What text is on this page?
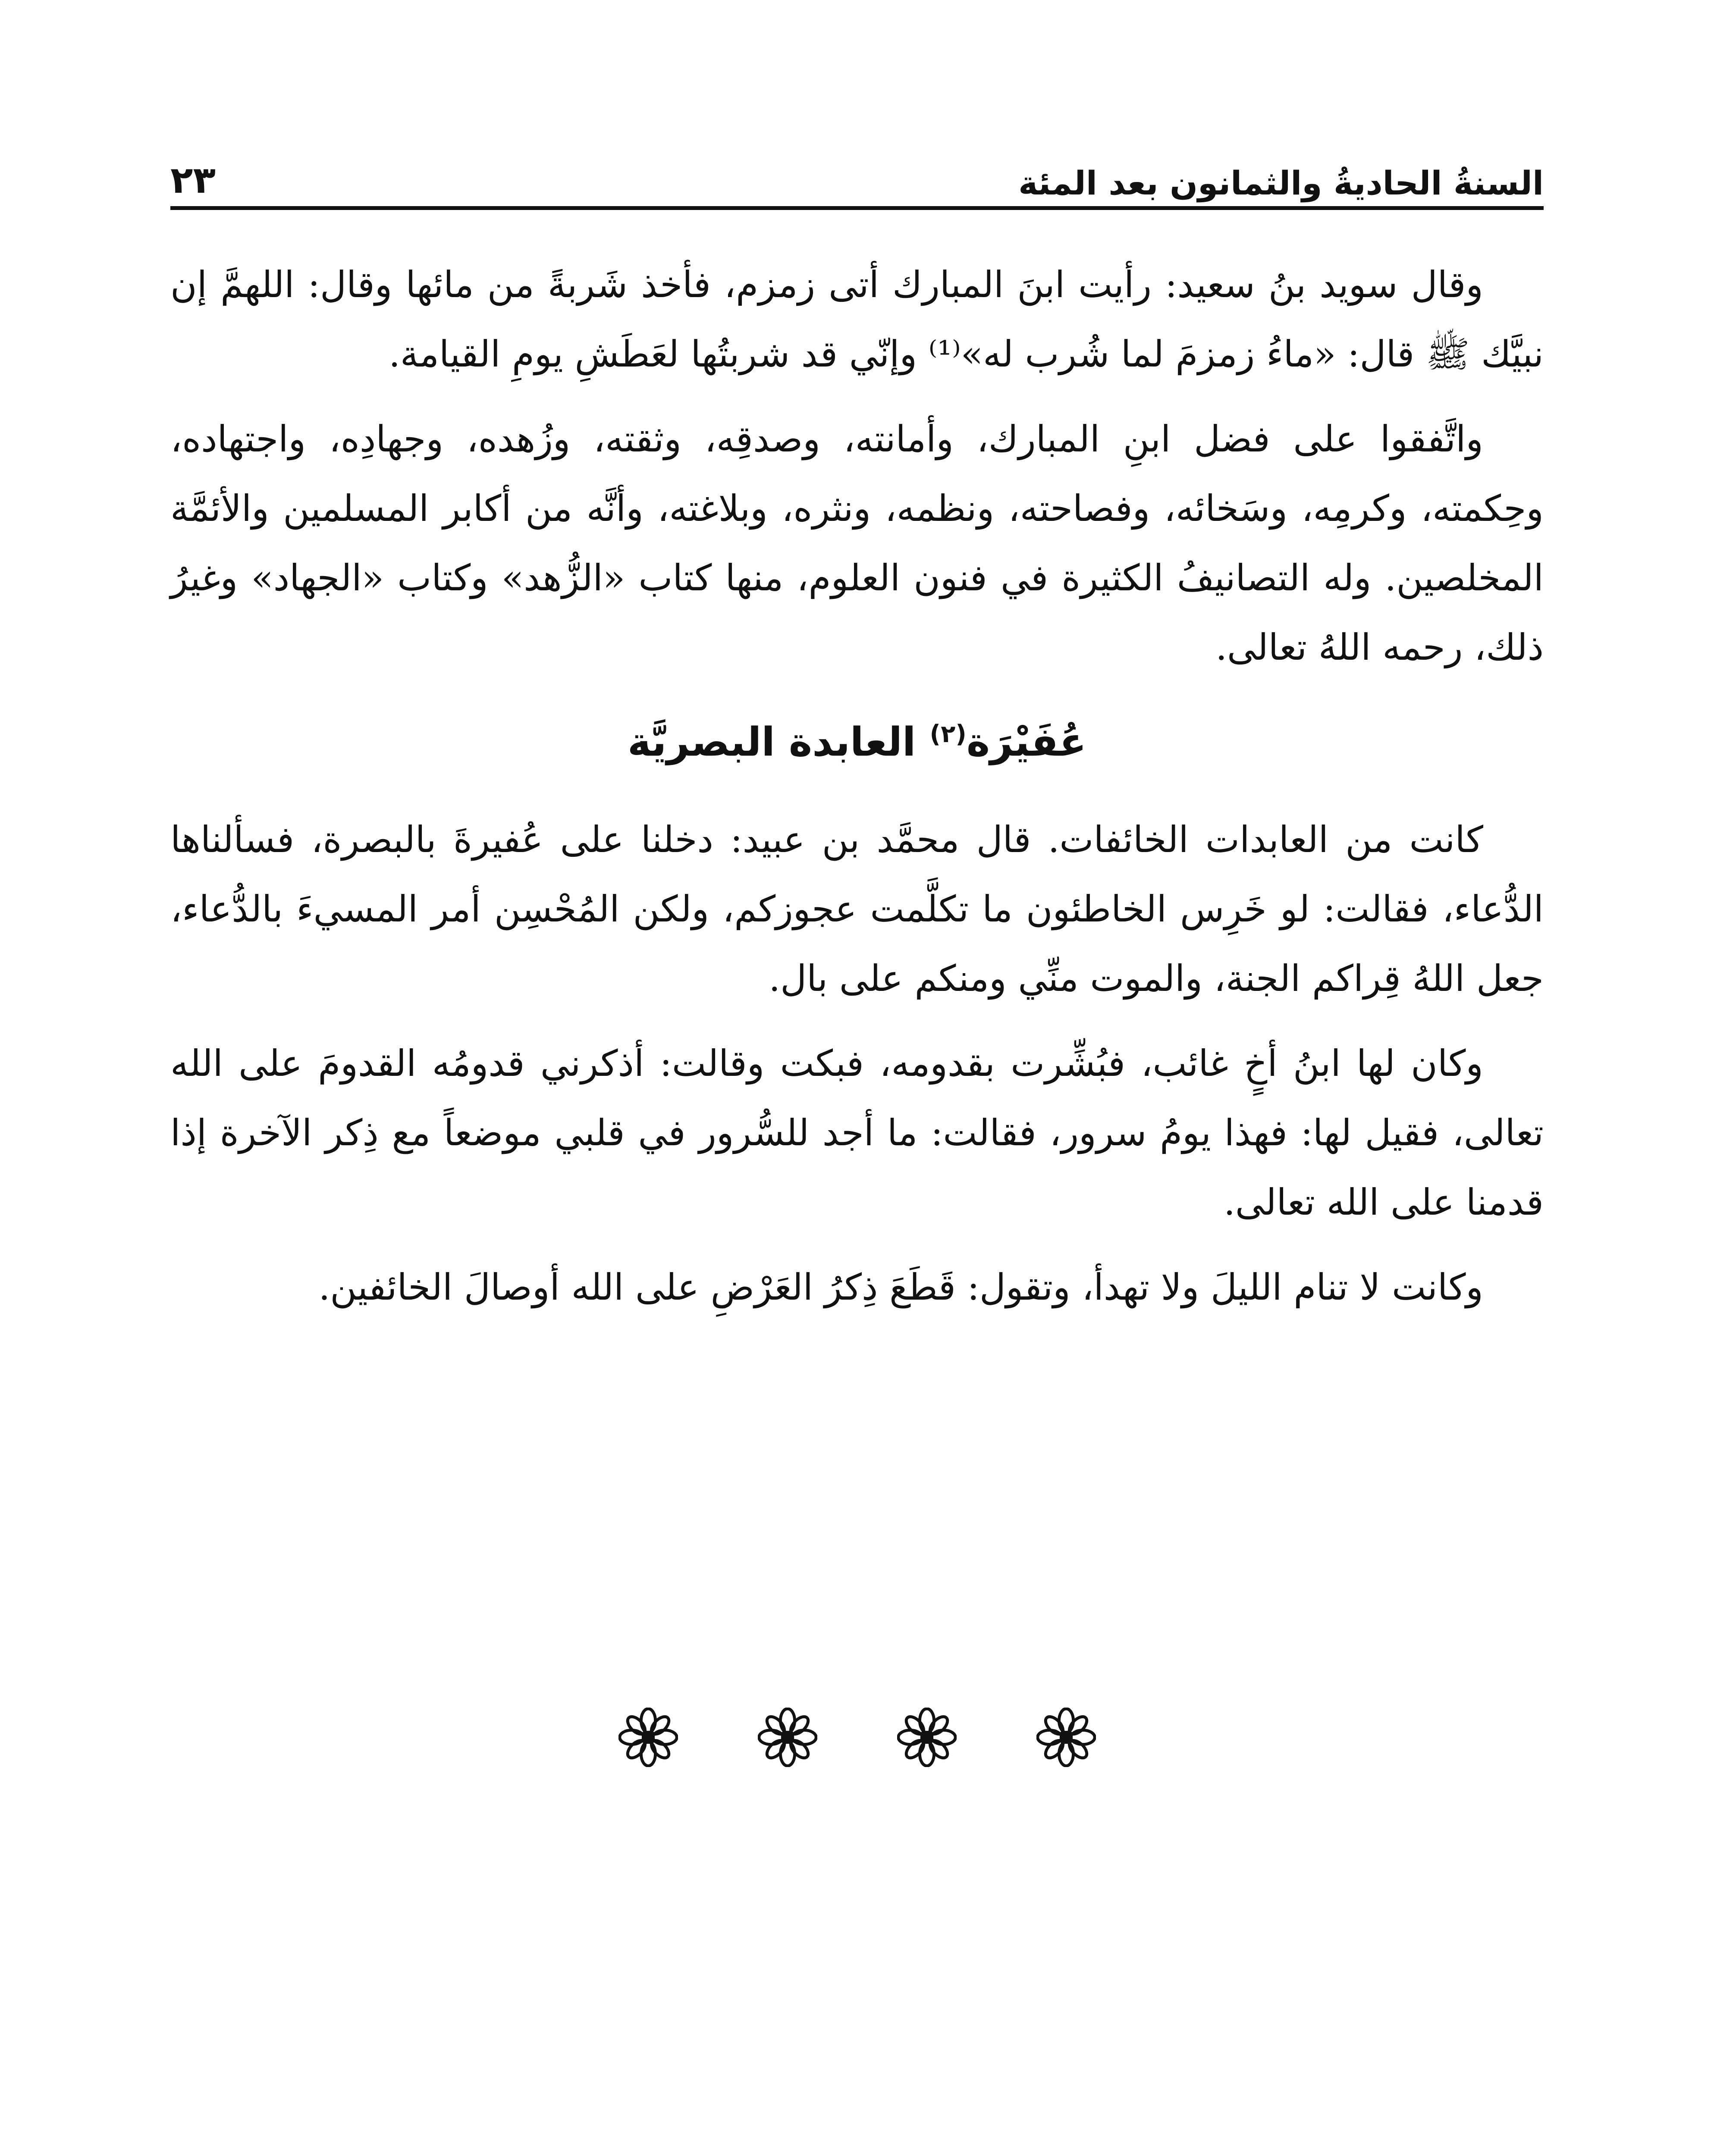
السنةُ الحاديةُ والثمانون بعد المئة
٢٣

وقال سويد بنُ سعيد: رأيت ابنَ المبارك أتى زمزم، فأخذ شَربةً من مائها وقال: اللهمَّ إن نبيَّك ﷺ قال: «ماءُ زمزمَ لما شُرب له»⁽¹⁾ وإنّي قد شربتُها لعَطَشِ يومِ القيامة.

واتَّفقوا على فضل ابنِ المبارك، وأمانته، وصدقِه، وثقته، وزُهده، وجهادِه، واجتهاده، وحِكمته، وكرمِه، وسَخائه، وفصاحته، ونظمه، ونثره، وبلاغته، وأنَّه من أكابر المسلمين والأئمَّة المخلصين. وله التصانيفُ الكثيرة في فنون العلوم، منها كتاب «الزُّهد» وكتاب «الجهاد» وغيرُ ذلك، رحمه اللهُ تعالى.

عُفَيْرَة$^{(٢)}$ العابدة البصريَّة

كانت من العابدات الخائفات. قال محمَّد بن عبيد: دخلنا على عُفيرةَ بالبصرة، فسألناها الدُّعاء، فقالت: لو خَرِس الخاطئون ما تكلَّمت عجوزكم، ولكن المُحْسِن أمر المسيءَ بالدُّعاء، جعل اللهُ قِراكم الجنة، والموت منِّي ومنكم على بال.

وكان لها ابنُ أخٍ غائب، فبُشِّرت بقدومه، فبكت وقالت: أذكرني قدومُه القدومَ على الله تعالى، فقيل لها: فهذا يومُ سرور، فقالت: ما أجد للسُّرور في قلبي موضعاً مع ذِكر الآخرة إذا قدمنا على الله تعالى.

وكانت لا تنام الليلَ ولا تهدأ، وتقول: قَطَعَ ذِكرُ العَرْضِ على الله أوصالَ الخائفين.
